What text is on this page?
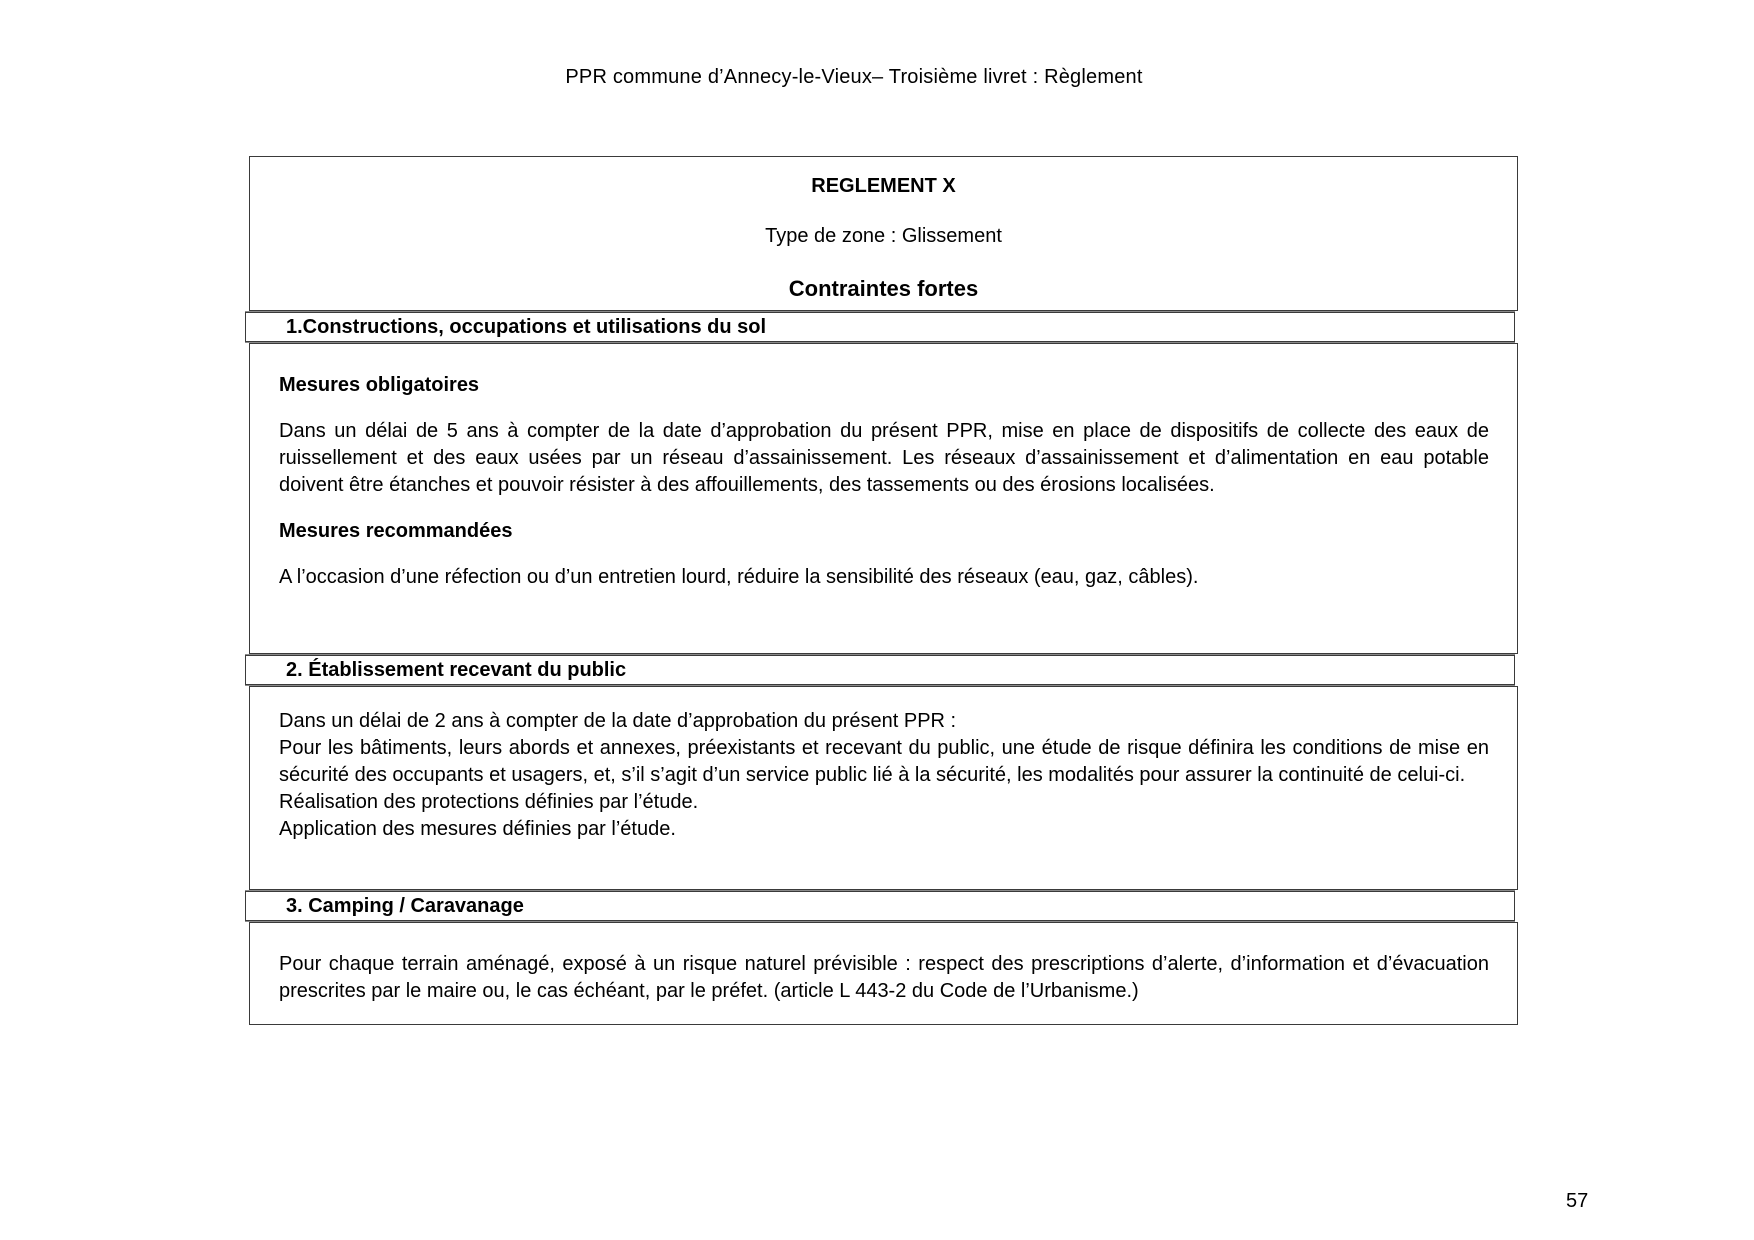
PPR commune d’Annecy-le-Vieux– Troisième livret : Règlement
REGLEMENT X
Type de zone : Glissement
Contraintes fortes
1.Constructions, occupations et utilisations du sol

Mesures obligatoires

Dans un délai de 5 ans à compter de la date d’approbation du présent PPR, mise en place de dispositifs de collecte des eaux de ruissellement et des eaux usées par un réseau d’assainissement. Les réseaux d’assainissement et d’alimentation en eau potable doivent être étanches et pouvoir résister à des affouillements, des tassements ou des érosions localisées.

Mesures recommandées

A l’occasion d’une réfection ou d’un entretien lourd, réduire la sensibilité des réseaux (eau, gaz, câbles).

2. Établissement recevant du public

Dans un délai de 2 ans à compter de la date d’approbation du présent PPR :

Pour les bâtiments, leurs abords et annexes, préexistants et recevant du public, une étude de risque définira les conditions de mise en sécurité des occupants et usagers, et, s’il s’agit d’un service public lié à la sécurité, les modalités pour assurer la continuité de celui-ci.

Réalisation des protections définies par l’étude.

Application des mesures définies par l’étude.

3. Camping / Caravanage

Pour chaque terrain aménagé, exposé à un risque naturel prévisible : respect des prescriptions d’alerte, d’information et d’évacuation prescrites par le maire ou, le cas échéant, par le préfet. (article L 443-2 du Code de l’Urbanisme.)

57
